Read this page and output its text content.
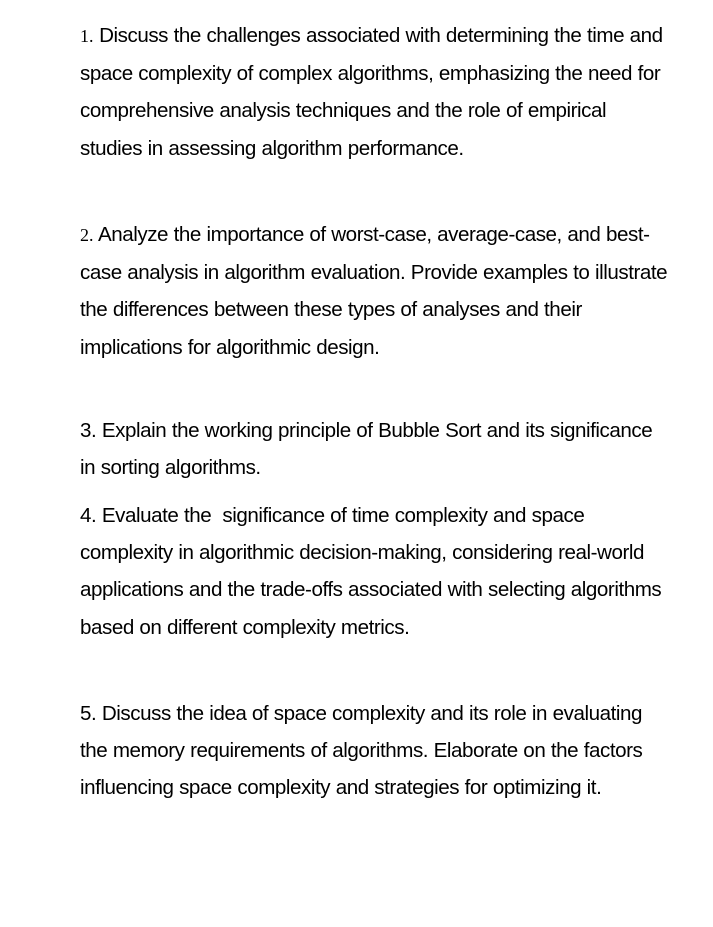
1. Discuss the challenges associated with determining the time and space complexity of complex algorithms, emphasizing the need for comprehensive analysis techniques and the role of empirical studies in assessing algorithm performance.

2. Analyze the importance of worst-case, average-case, and best-case analysis in algorithm evaluation. Provide examples to illustrate the differences between these types of analyses and their implications for algorithmic design.

3. Explain the working principle of Bubble Sort and its significance in sorting algorithms.

4. Evaluate the  significance of time complexity and space complexity in algorithmic decision-making, considering real-world applications and the trade-offs associated with selecting algorithms based on different complexity metrics.

5. Discuss the idea of space complexity and its role in evaluating the memory requirements of algorithms. Elaborate on the factors influencing space complexity and strategies for optimizing it.
